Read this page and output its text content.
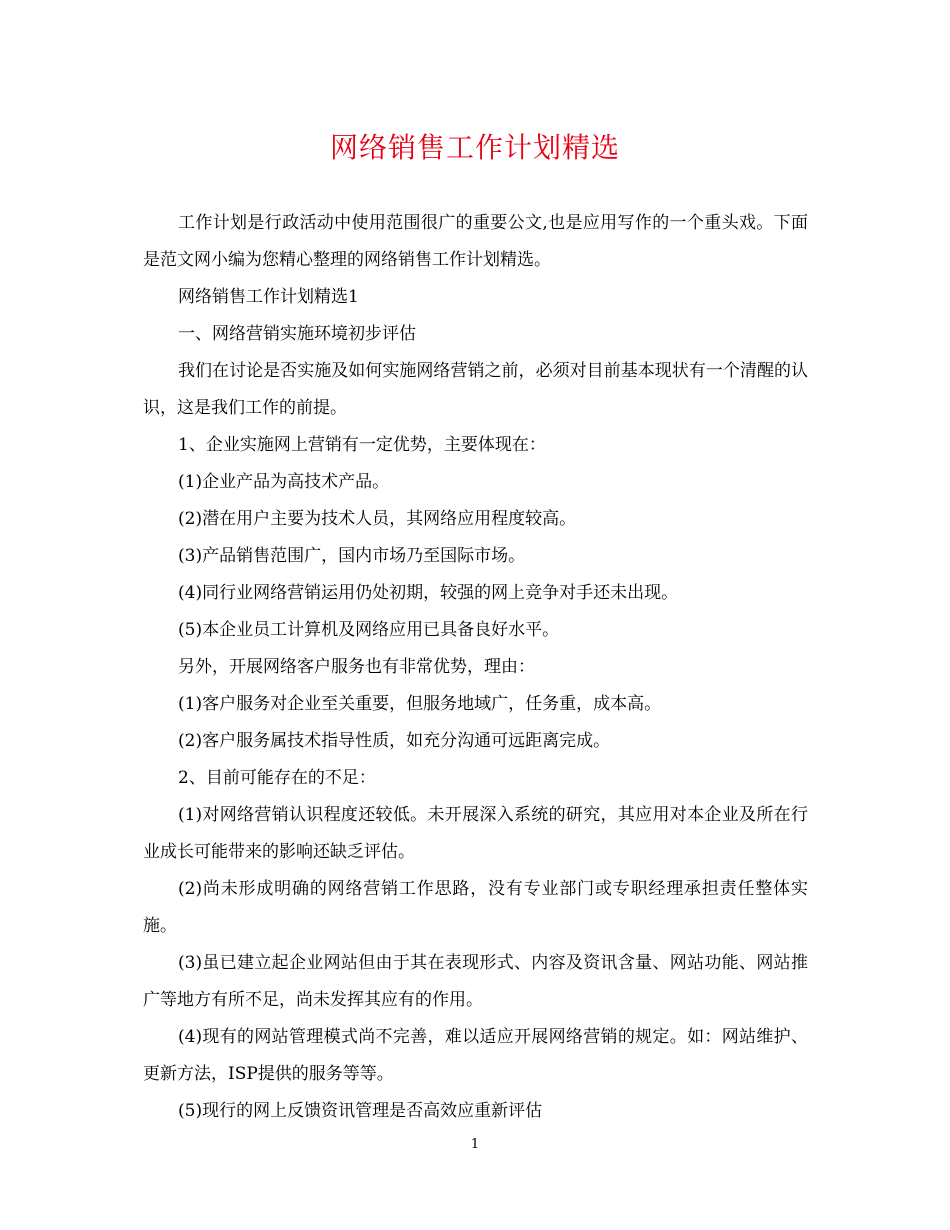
网络销售工作计划精选

工作计划是行政活动中使用范围很广的重要公文,也是应用写作的一个重头戏。下面是范文网小编为您精心整理的网络销售工作计划精选。

网络销售工作计划精选1

一、网络营销实施环境初步评估

我们在讨论是否实施及如何实施网络营销之前，必须对目前基本现状有一个清醒的认识，这是我们工作的前提。

1、企业实施网上营销有一定优势，主要体现在：

(1)企业产品为高技术产品。

(2)潜在用户主要为技术人员，其网络应用程度较高。

(3)产品销售范围广，国内市场乃至国际市场。

(4)同行业网络营销运用仍处初期，较强的网上竞争对手还未出现。

(5)本企业员工计算机及网络应用已具备良好水平。

另外，开展网络客户服务也有非常优势，理由：

(1)客户服务对企业至关重要，但服务地域广，任务重，成本高。

(2)客户服务属技术指导性质，如充分沟通可远距离完成。

2、目前可能存在的不足：

(1)对网络营销认识程度还较低。未开展深入系统的研究，其应用对本企业及所在行业成长可能带来的影响还缺乏评估。

(2)尚未形成明确的网络营销工作思路，没有专业部门或专职经理承担责任整体实施。

(3)虽已建立起企业网站但由于其在表现形式、内容及资讯含量、网站功能、网站推广等地方有所不足，尚未发挥其应有的作用。

(4)现有的网站管理模式尚不完善，难以适应开展网络营销的规定。如：网站维护、更新方法，ISP提供的服务等等。

(5)现行的网上反馈资讯管理是否高效应重新评估

1
